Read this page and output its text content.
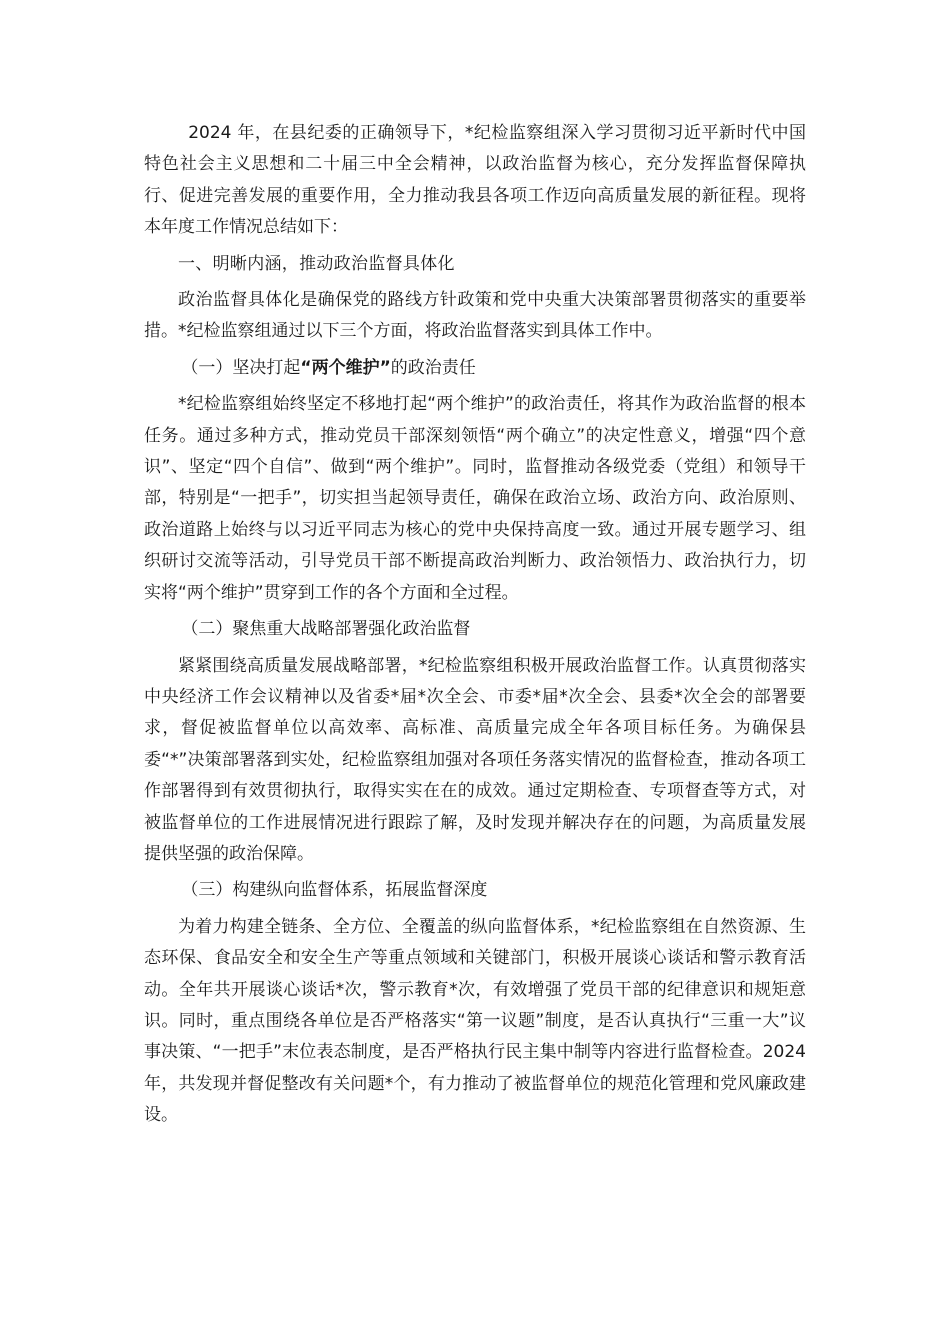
2024 年，在县纪委的正确领导下，*纪检监察组深入学习贯彻习近平新时代中国特色社会主义思想和二十届三中全会精神，以政治监督为核心，充分发挥监督保障执行、促进完善发展的重要作用，全力推动我县各项工作迈向高质量发展的新征程。现将本年度工作情况总结如下：

一、明晰内涵，推动政治监督具体化

政治监督具体化是确保党的路线方针政策和党中央重大决策部署贯彻落实的重要举措。*纪检监察组通过以下三个方面，将政治监督落实到具体工作中。

（一）坚决打起“两个维护”的政治责任

*纪检监察组始终坚定不移地打起“两个维护”的政治责任，将其作为政治监督的根本任务。通过多种方式，推动党员干部深刻领悟“两个确立”的决定性意义，增强“四个意识”、坚定“四个自信”、做到“两个维护”。同时，监督推动各级党委（党组）和领导干部，特别是“一把手”，切实担当起领导责任，确保在政治立场、政治方向、政治原则、政治道路上始终与以习近平同志为核心的党中央保持高度一致。通过开展专题学习、组织研讨交流等活动，引导党员干部不断提高政治判断力、政治领悟力、政治执行力，切实将“两个维护”贯穿到工作的各个方面和全过程。

（二）聚焦重大战略部署强化政治监督

紧紧围绕高质量发展战略部署，*纪检监察组积极开展政治监督工作。认真贯彻落实中央经济工作会议精神以及省委*届*次全会、市委*届*次全会、县委*次全会的部署要求，督促被监督单位以高效率、高标准、高质量完成全年各项目标任务。为确保县委“*”决策部署落到实处，纪检监察组加强对各项任务落实情况的监督检查，推动各项工作部署得到有效贯彻执行，取得实实在在的成效。通过定期检查、专项督查等方式，对被监督单位的工作进展情况进行跟踪了解，及时发现并解决存在的问题，为高质量发展提供坚强的政治保障。

（三）构建纵向监督体系，拓展监督深度

为着力构建全链条、全方位、全覆盖的纵向监督体系，*纪检监察组在自然资源、生态环保、食品安全和安全生产等重点领域和关键部门，积极开展谈心谈话和警示教育活动。全年共开展谈心谈话*次，警示教育*次，有效增强了党员干部的纪律意识和规矩意识。同时，重点围绕各单位是否严格落实“第一议题”制度，是否认真执行“三重一大”议事决策、“一把手”末位表态制度，是否严格执行民主集中制等内容进行监督检查。2024 年，共发现并督促整改有关问题*个，有力推动了被监督单位的规范化管理和党风廉政建设。
